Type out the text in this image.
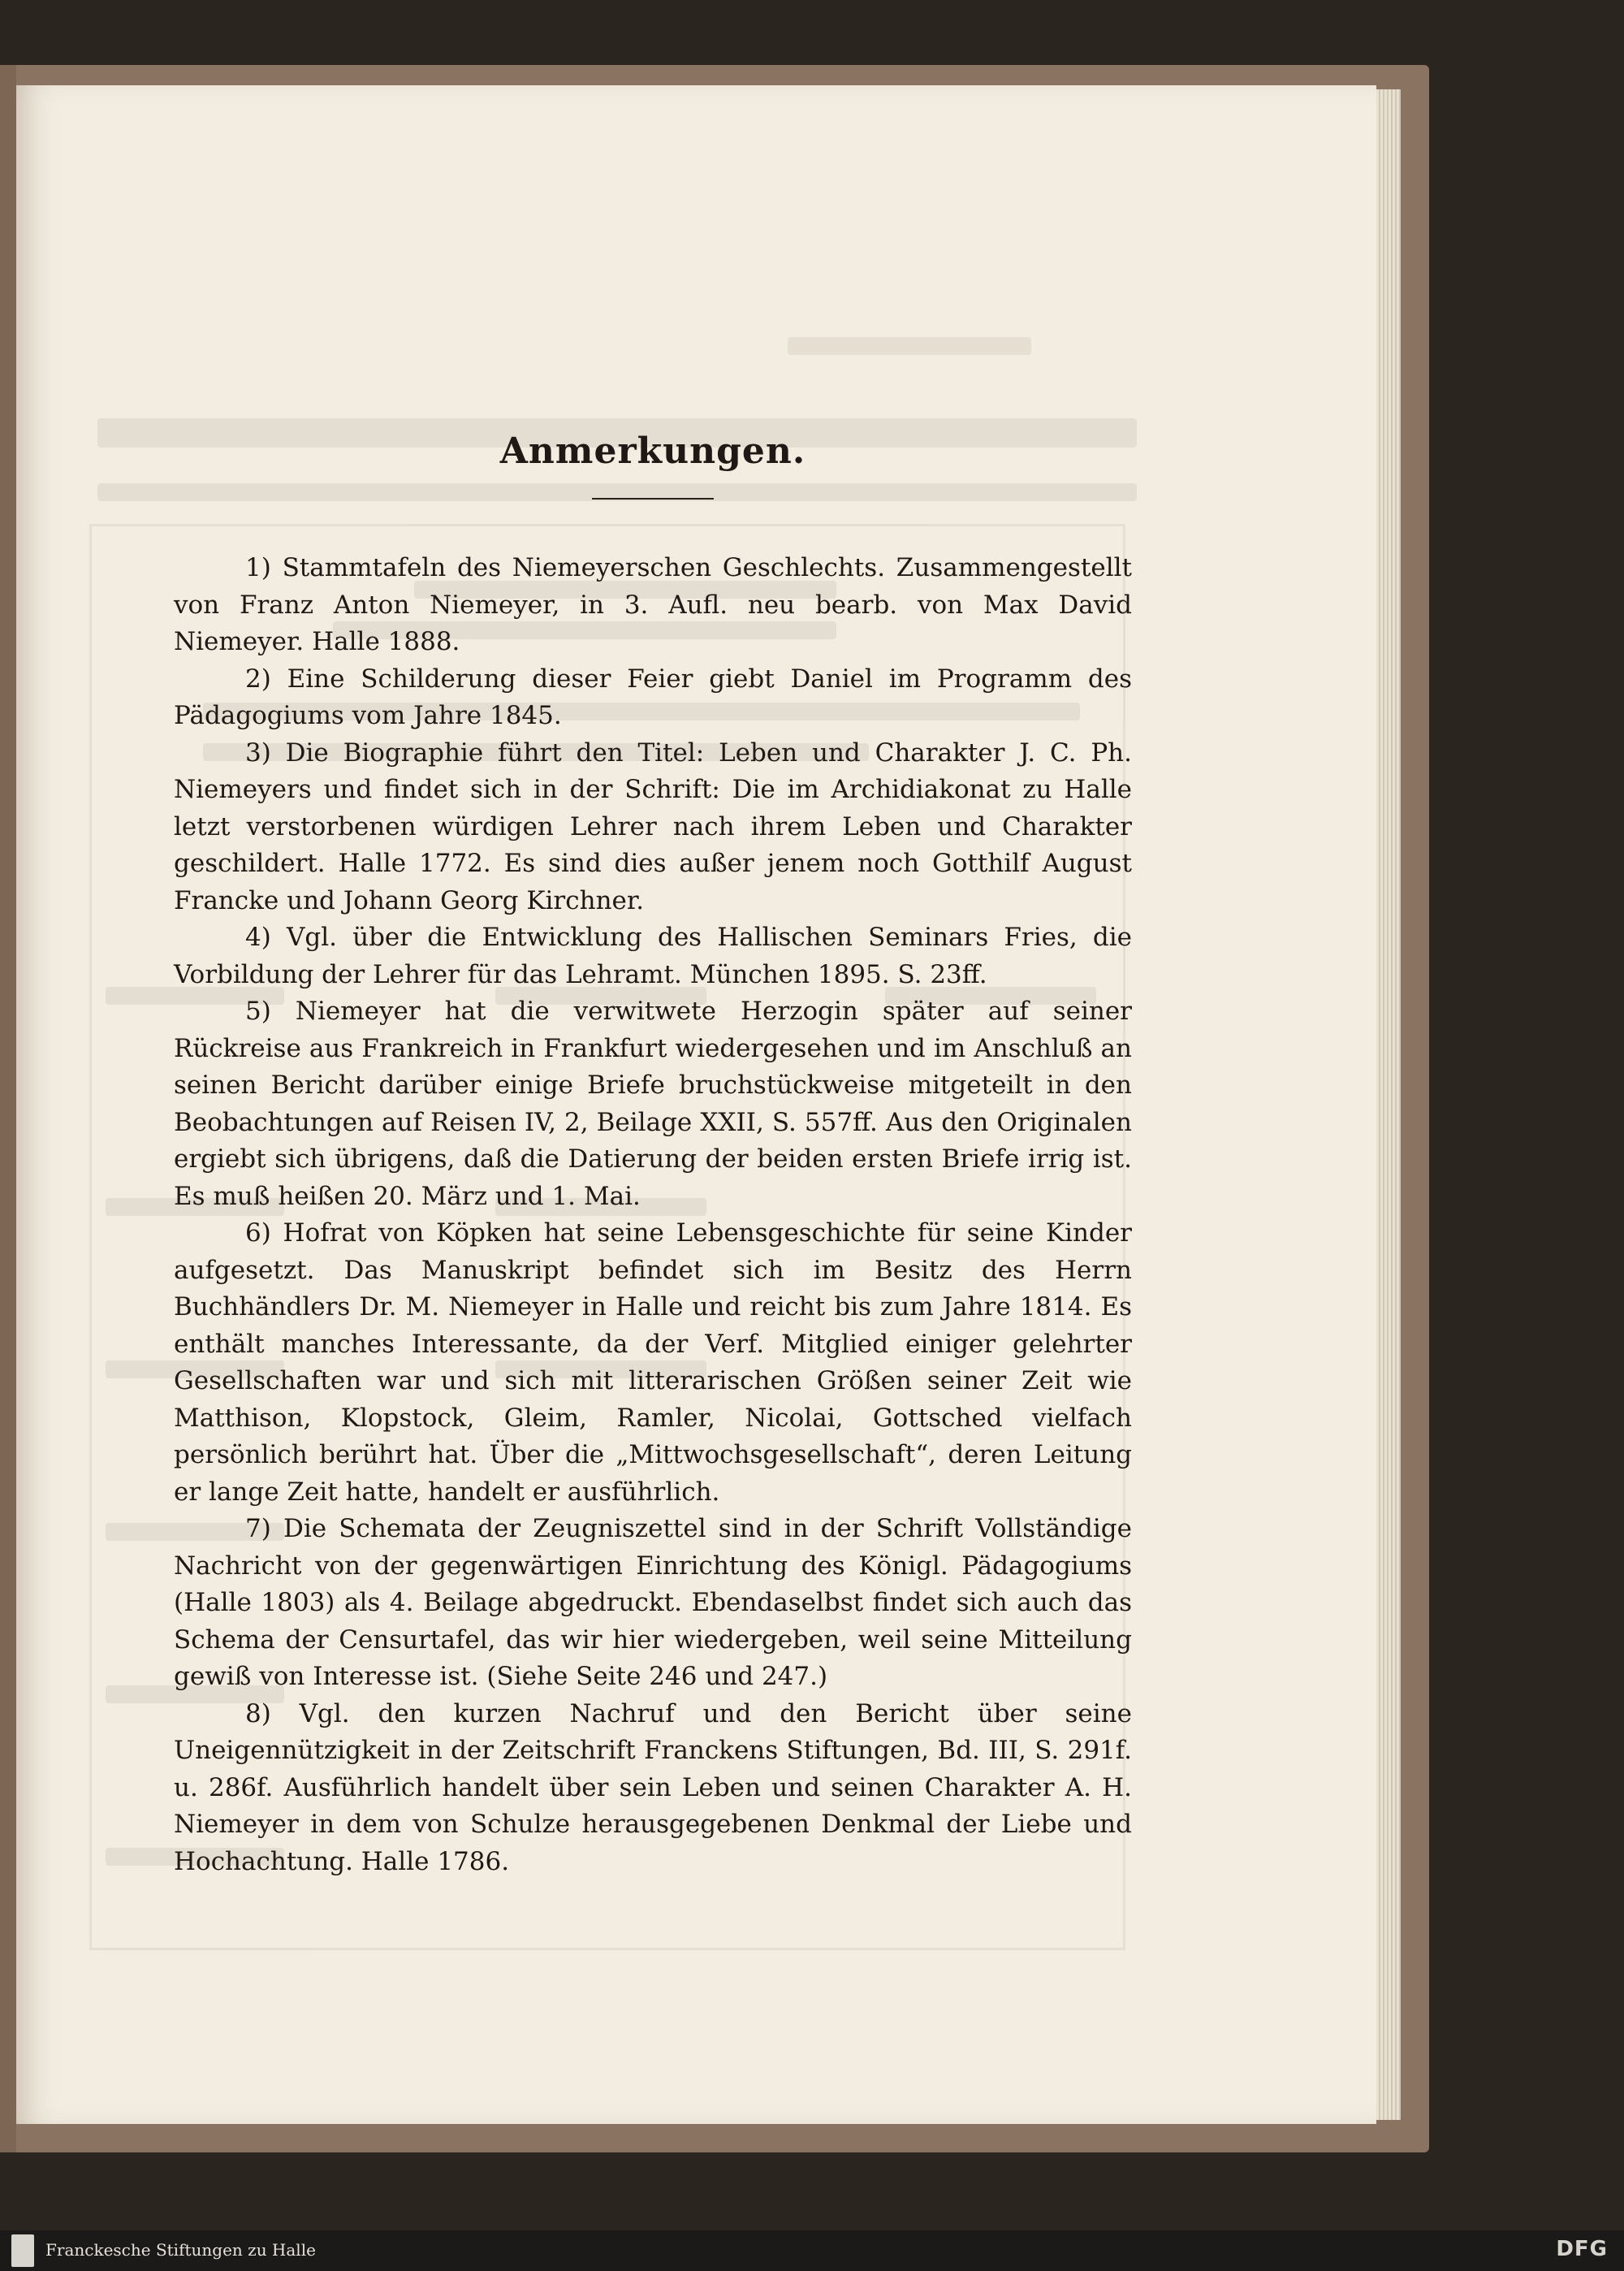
Anmerkungen.

1) Stammtafeln des Niemeyerschen Geschlechts. Zusammengestellt von Franz Anton Niemeyer, in 3. Aufl. neu bearb. von Max David Niemeyer. Halle 1888.

2) Eine Schilderung dieser Feier giebt Daniel im Programm des Pädagogiums vom Jahre 1845.

3) Die Biographie führt den Titel: Leben und Charakter J. C. Ph. Niemeyers und findet sich in der Schrift: Die im Archidiakonat zu Halle letzt verstorbenen würdigen Lehrer nach ihrem Leben und Charakter geschildert. Halle 1772. Es sind dies außer jenem noch Gotthilf August Francke und Johann Georg Kirchner.

4) Vgl. über die Entwicklung des Hallischen Seminars Fries, die Vorbildung der Lehrer für das Lehramt. München 1895. S. 23ff.

5) Niemeyer hat die verwitwete Herzogin später auf seiner Rückreise aus Frankreich in Frankfurt wiedergesehen und im Anschluß an seinen Bericht darüber einige Briefe bruchstückweise mitgeteilt in den Beobachtungen auf Reisen IV, 2, Beilage XXII, S. 557ff. Aus den Originalen ergiebt sich übrigens, daß die Datierung der beiden ersten Briefe irrig ist. Es muß heißen 20. März und 1. Mai.

6) Hofrat von Köpken hat seine Lebensgeschichte für seine Kinder aufgesetzt. Das Manuskript befindet sich im Besitz des Herrn Buchhändlers Dr. M. Niemeyer in Halle und reicht bis zum Jahre 1814. Es enthält manches Interessante, da der Verf. Mitglied einiger gelehrter Gesellschaften war und sich mit litterarischen Größen seiner Zeit wie Matthison, Klopstock, Gleim, Ramler, Nicolai, Gottsched vielfach persönlich berührt hat. Über die „Mittwochsgesellschaft“, deren Leitung er lange Zeit hatte, handelt er ausführlich.

7) Die Schemata der Zeugniszettel sind in der Schrift Vollständige Nachricht von der gegenwärtigen Einrichtung des Königl. Pädagogiums (Halle 1803) als 4. Beilage abgedruckt. Ebendaselbst findet sich auch das Schema der Censurtafel, das wir hier wiedergeben, weil seine Mitteilung gewiß von Interesse ist. (Siehe Seite 246 und 247.)

8) Vgl. den kurzen Nachruf und den Bericht über seine Uneigennützigkeit in der Zeitschrift Franckens Stiftungen, Bd. III, S. 291f. u. 286f. Ausführlich handelt über sein Leben und seinen Charakter A. H. Niemeyer in dem von Schulze herausgegebenen Denkmal der Liebe und Hochachtung. Halle 1786.

Franckesche Stiftungen zu Halle	DFG
